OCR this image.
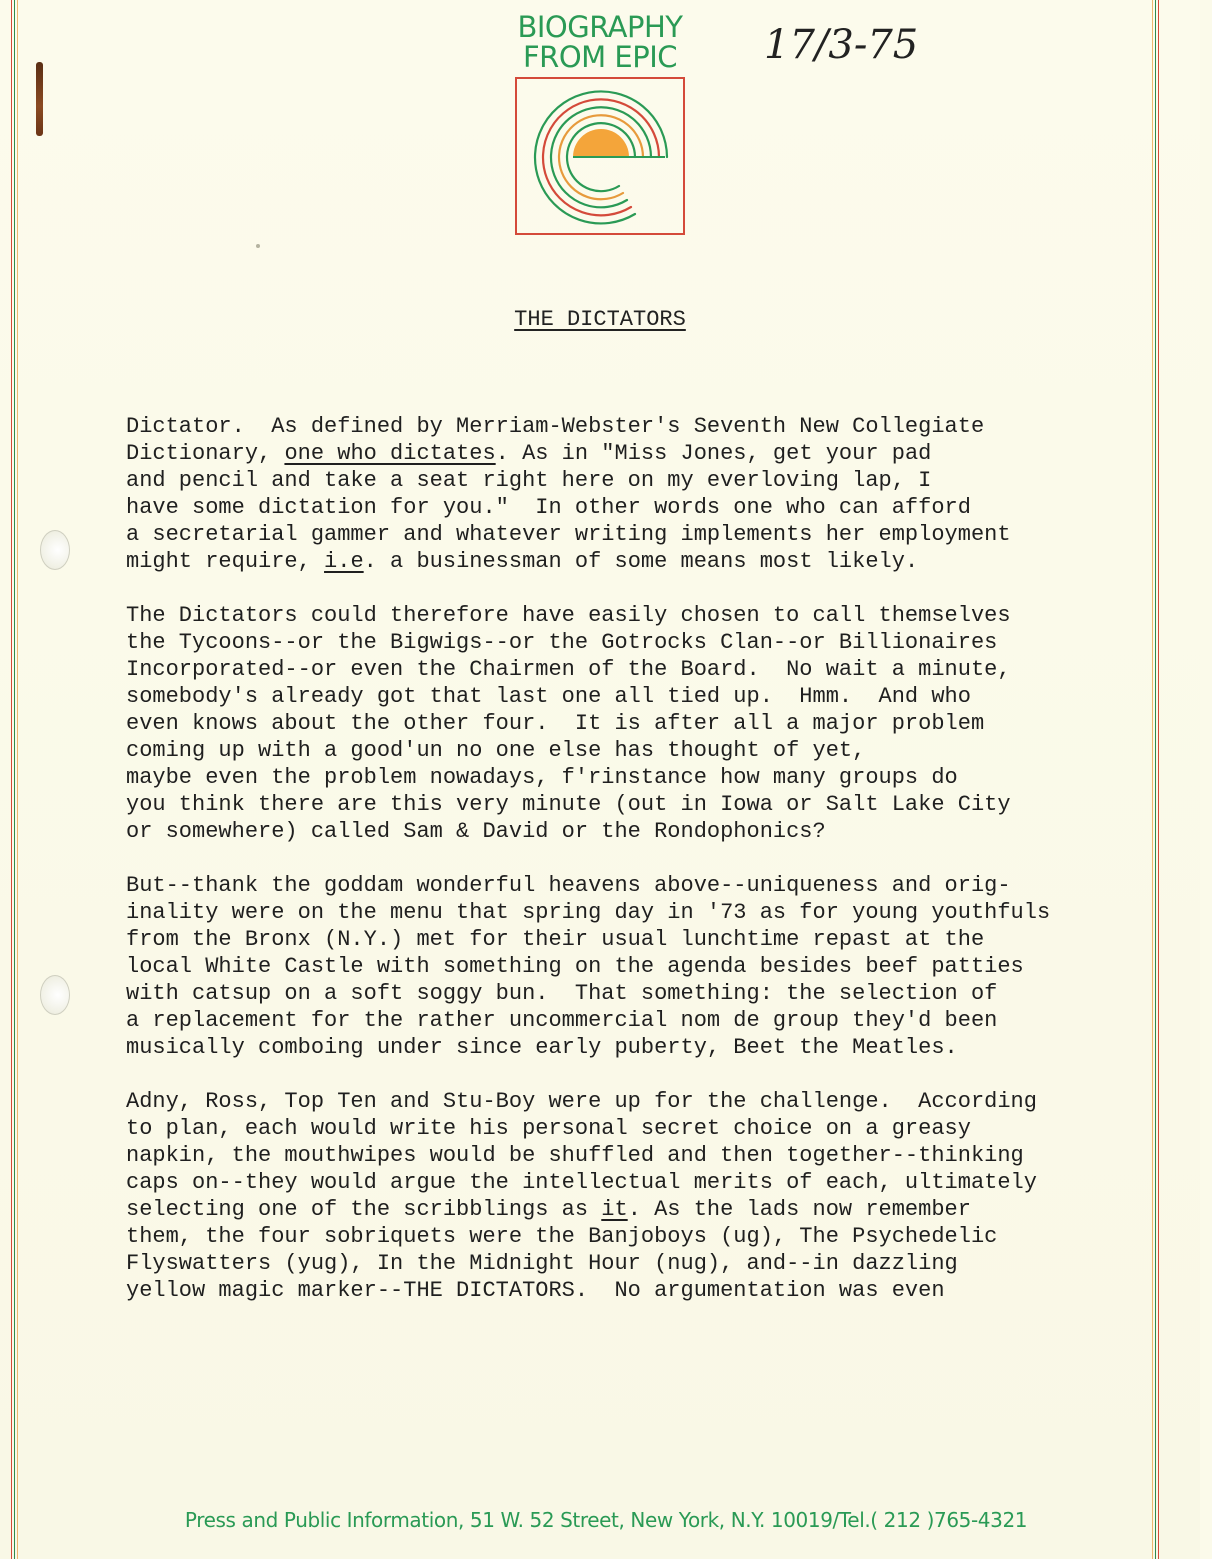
BIOGRAPHY
FROM EPIC	17/3-75
THE DICTATORS
Dictator.  As defined by Merriam-Webster's Seventh New Collegiate
Dictionary, one who dictates. As in "Miss Jones, get your pad
and pencil and take a seat right here on my everloving lap, I
have some dictation for you."  In other words one who can afford
a secretarial gammer and whatever writing implements her employment
might require, i.e. a businessman of some means most likely.
The Dictators could therefore have easily chosen to call themselves
the Tycoons--or the Bigwigs--or the Gotrocks Clan--or Billionaires
Incorporated--or even the Chairmen of the Board.  No wait a minute,
somebody's already got that last one all tied up.  Hmm.  And who
even knows about the other four.  It is after all a major problem
coming up with a good'un no one else has thought of yet,
maybe even the problem nowadays, f'rinstance how many groups do
you think there are this very minute (out in Iowa or Salt Lake City
or somewhere) called Sam & David or the Rondophonics?
But--thank the goddam wonderful heavens above--uniqueness and orig-
inality were on the menu that spring day in '73 as for young youthfuls
from the Bronx (N.Y.) met for their usual lunchtime repast at the
local White Castle with something on the agenda besides beef patties
with catsup on a soft soggy bun.  That something: the selection of
a replacement for the rather uncommercial nom de group they'd been
musically comboing under since early puberty, Beet the Meatles.
Adny, Ross, Top Ten and Stu-Boy were up for the challenge.  According
to plan, each would write his personal secret choice on a greasy
napkin, the mouthwipes would be shuffled and then together--thinking
caps on--they would argue the intellectual merits of each, ultimately
selecting one of the scribblings as it. As the lads now remember
them, the four sobriquets were the Banjoboys (ug), The Psychedelic
Flyswatters (yug), In the Midnight Hour (nug), and--in dazzling
yellow magic marker--THE DICTATORS.  No argumentation was even
Press and Public Information, 51 W. 52 Street, New York, N.Y. 10019/Tel.( 212 )765-4321
